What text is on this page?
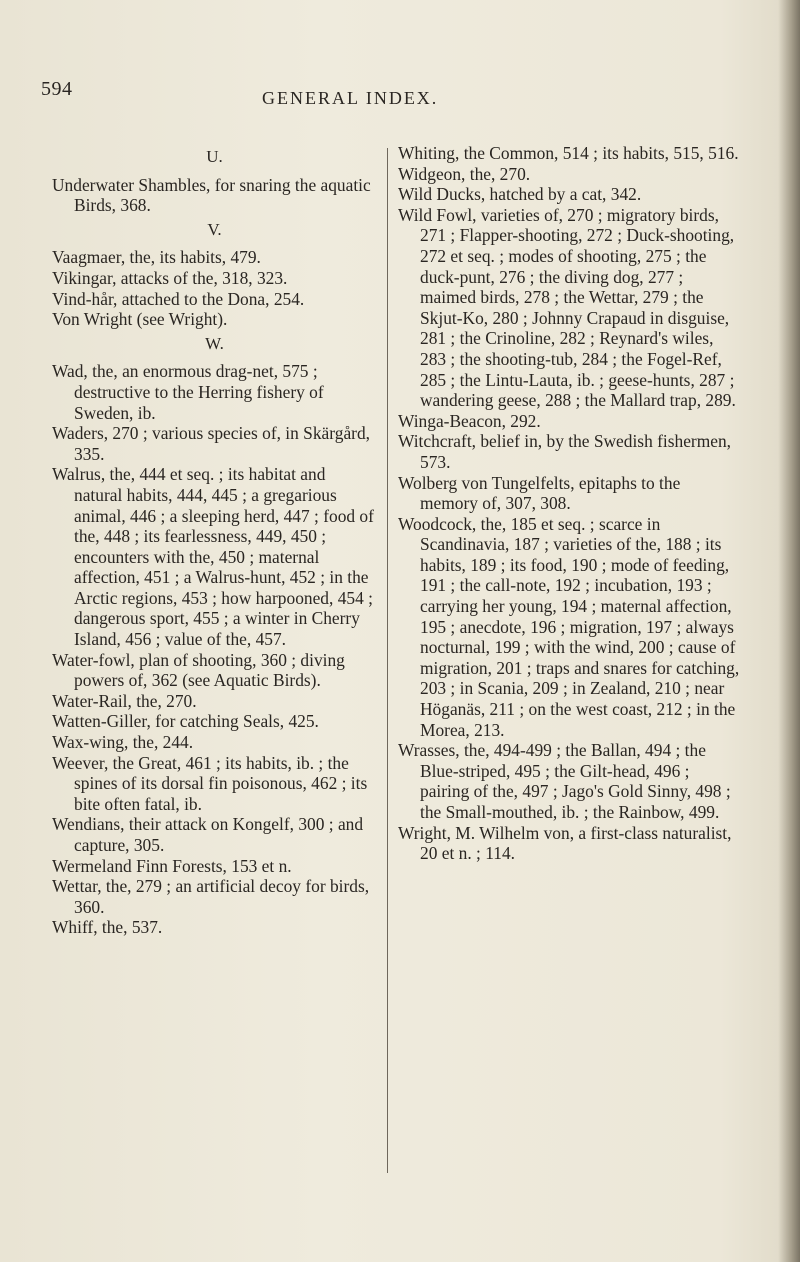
594	GENERAL INDEX.
U.

Underwater Shambles, for snaring the aquatic Birds, 368.

V.

Vaagmaer, the, its habits, 479.

Vikingar, attacks of the, 318, 323.

Vind-hår, attached to the Dona, 254.

Von Wright (see Wright).

W.

Wad, the, an enormous drag-net, 575 ; destructive to the Herring fishery of Sweden, ib.

Waders, 270 ; various species of, in Skärgård, 335.

Walrus, the, 444 et seq. ; its habitat and natural habits, 444, 445 ; a gregarious animal, 446 ; a sleeping herd, 447 ; food of the, 448 ; its fearlessness, 449, 450 ; encounters with the, 450 ; maternal affection, 451 ; a Walrus-hunt, 452 ; in the Arctic regions, 453 ; how harpooned, 454 ; dangerous sport, 455 ; a winter in Cherry Island, 456 ; value of the, 457.

Water-fowl, plan of shooting, 360 ; diving powers of, 362 (see Aquatic Birds).

Water-Rail, the, 270.

Watten-Giller, for catching Seals, 425.

Wax-wing, the, 244.

Weever, the Great, 461 ; its habits, ib. ; the spines of its dorsal fin poisonous, 462 ; its bite often fatal, ib.

Wendians, their attack on Kongelf, 300 ; and capture, 305.

Wermeland Finn Forests, 153 et n.

Wettar, the, 279 ; an artificial decoy for birds, 360.

Whiff, the, 537.

Whiting, the Common, 514 ; its habits, 515, 516.

Widgeon, the, 270.

Wild Ducks, hatched by a cat, 342.

Wild Fowl, varieties of, 270 ; migratory birds, 271 ; Flapper-shooting, 272 ; Duck-shooting, 272 et seq. ; modes of shooting, 275 ; the duck-punt, 276 ; the diving dog, 277 ; maimed birds, 278 ; the Wettar, 279 ; the Skjut-Ko, 280 ; Johnny Crapaud in disguise, 281 ; the Crinoline, 282 ; Reynard's wiles, 283 ; the shooting-tub, 284 ; the Fogel-Ref, 285 ; the Lintu-Lauta, ib. ; geese-hunts, 287 ; wandering geese, 288 ; the Mallard trap, 289.

Winga-Beacon, 292.

Witchcraft, belief in, by the Swedish fishermen, 573.

Wolberg von Tungelfelts, epitaphs to the memory of, 307, 308.

Woodcock, the, 185 et seq. ; scarce in Scandinavia, 187 ; varieties of the, 188 ; its habits, 189 ; its food, 190 ; mode of feeding, 191 ; the call-note, 192 ; incubation, 193 ; carrying her young, 194 ; maternal affection, 195 ; anecdote, 196 ; migration, 197 ; always nocturnal, 199 ; with the wind, 200 ; cause of migration, 201 ; traps and snares for catching, 203 ; in Scania, 209 ; in Zealand, 210 ; near Höganäs, 211 ; on the west coast, 212 ; in the Morea, 213.

Wrasses, the, 494-499 ; the Ballan, 494 ; the Blue-striped, 495 ; the Gilt-head, 496 ; pairing of the, 497 ; Jago's Gold Sinny, 498 ; the Small-mouthed, ib. ; the Rainbow, 499.

Wright, M. Wilhelm von, a first-class naturalist, 20 et n. ; 114.
